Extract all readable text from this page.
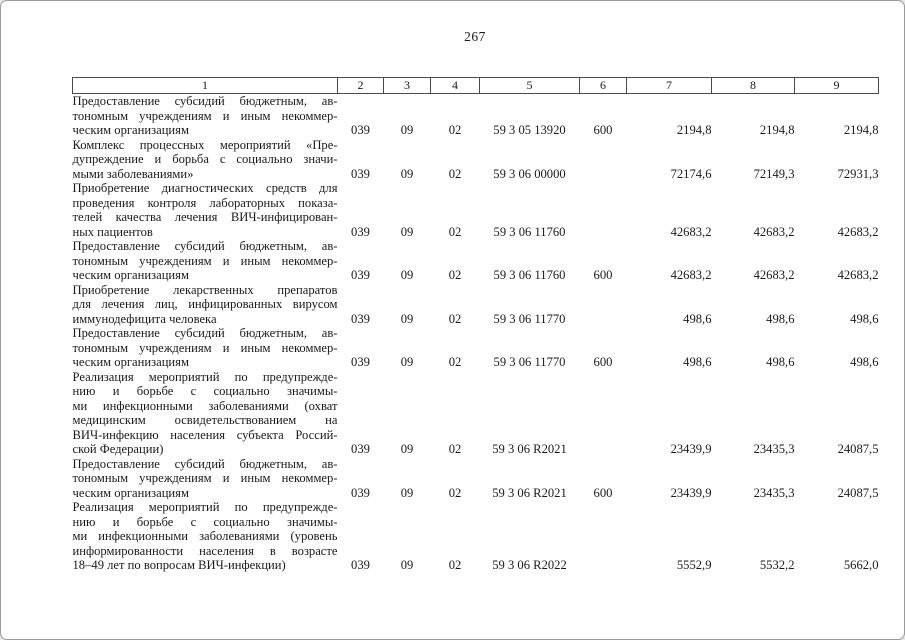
267
1	2	3	4	5	6	7	8	9

Предоставление субсидий бюджетным, ав-
тономным учреждениям и иным некоммер-
ческим организациям	039	09	02	59 3 05 13920	600	2194,8	2194,8	2194,8

Комплекс процессных мероприятий «Пре-
дупреждение и борьба с социально значи-
мыми заболеваниями»	039	09	02	59 3 06 00000		72174,6	72149,3	72931,3

Приобретение диагностических средств для
проведения контроля лабораторных показа-
телей качества лечения ВИЧ-инфицирован-
ных пациентов	039	09	02	59 3 06 11760		42683,2	42683,2	42683,2

Предоставление субсидий бюджетным, ав-
тономным учреждениям и иным некоммер-
ческим организациям	039	09	02	59 3 06 11760	600	42683,2	42683,2	42683,2

Приобретение лекарственных препаратов
для лечения лиц, инфицированных вирусом
иммунодефицита человека	039	09	02	59 3 06 11770		498,6	498,6	498,6

Предоставление субсидий бюджетным, ав-
тономным учреждениям и иным некоммер-
ческим организациям	039	09	02	59 3 06 11770	600	498,6	498,6	498,6

Реализация мероприятий по предупрежде-
нию и борьбе с социально значимы-
ми инфекционными заболеваниями (охват
медицинским освидетельствованием на
ВИЧ-инфекцию населения субъекта Россий-
ской Федерации)	039	09	02	59 3 06 R2021		23439,9	23435,3	24087,5

Предоставление субсидий бюджетным, ав-
тономным учреждениям и иным некоммер-
ческим организациям	039	09	02	59 3 06 R2021	600	23439,9	23435,3	24087,5

Реализация мероприятий по предупрежде-
нию и борьбе с социально значимы-
ми инфекционными заболеваниями (уровень
информированности населения в возрасте
18–49 лет по вопросам ВИЧ-инфекции)	039	09	02	59 3 06 R2022		5552,9	5532,2	5662,0
